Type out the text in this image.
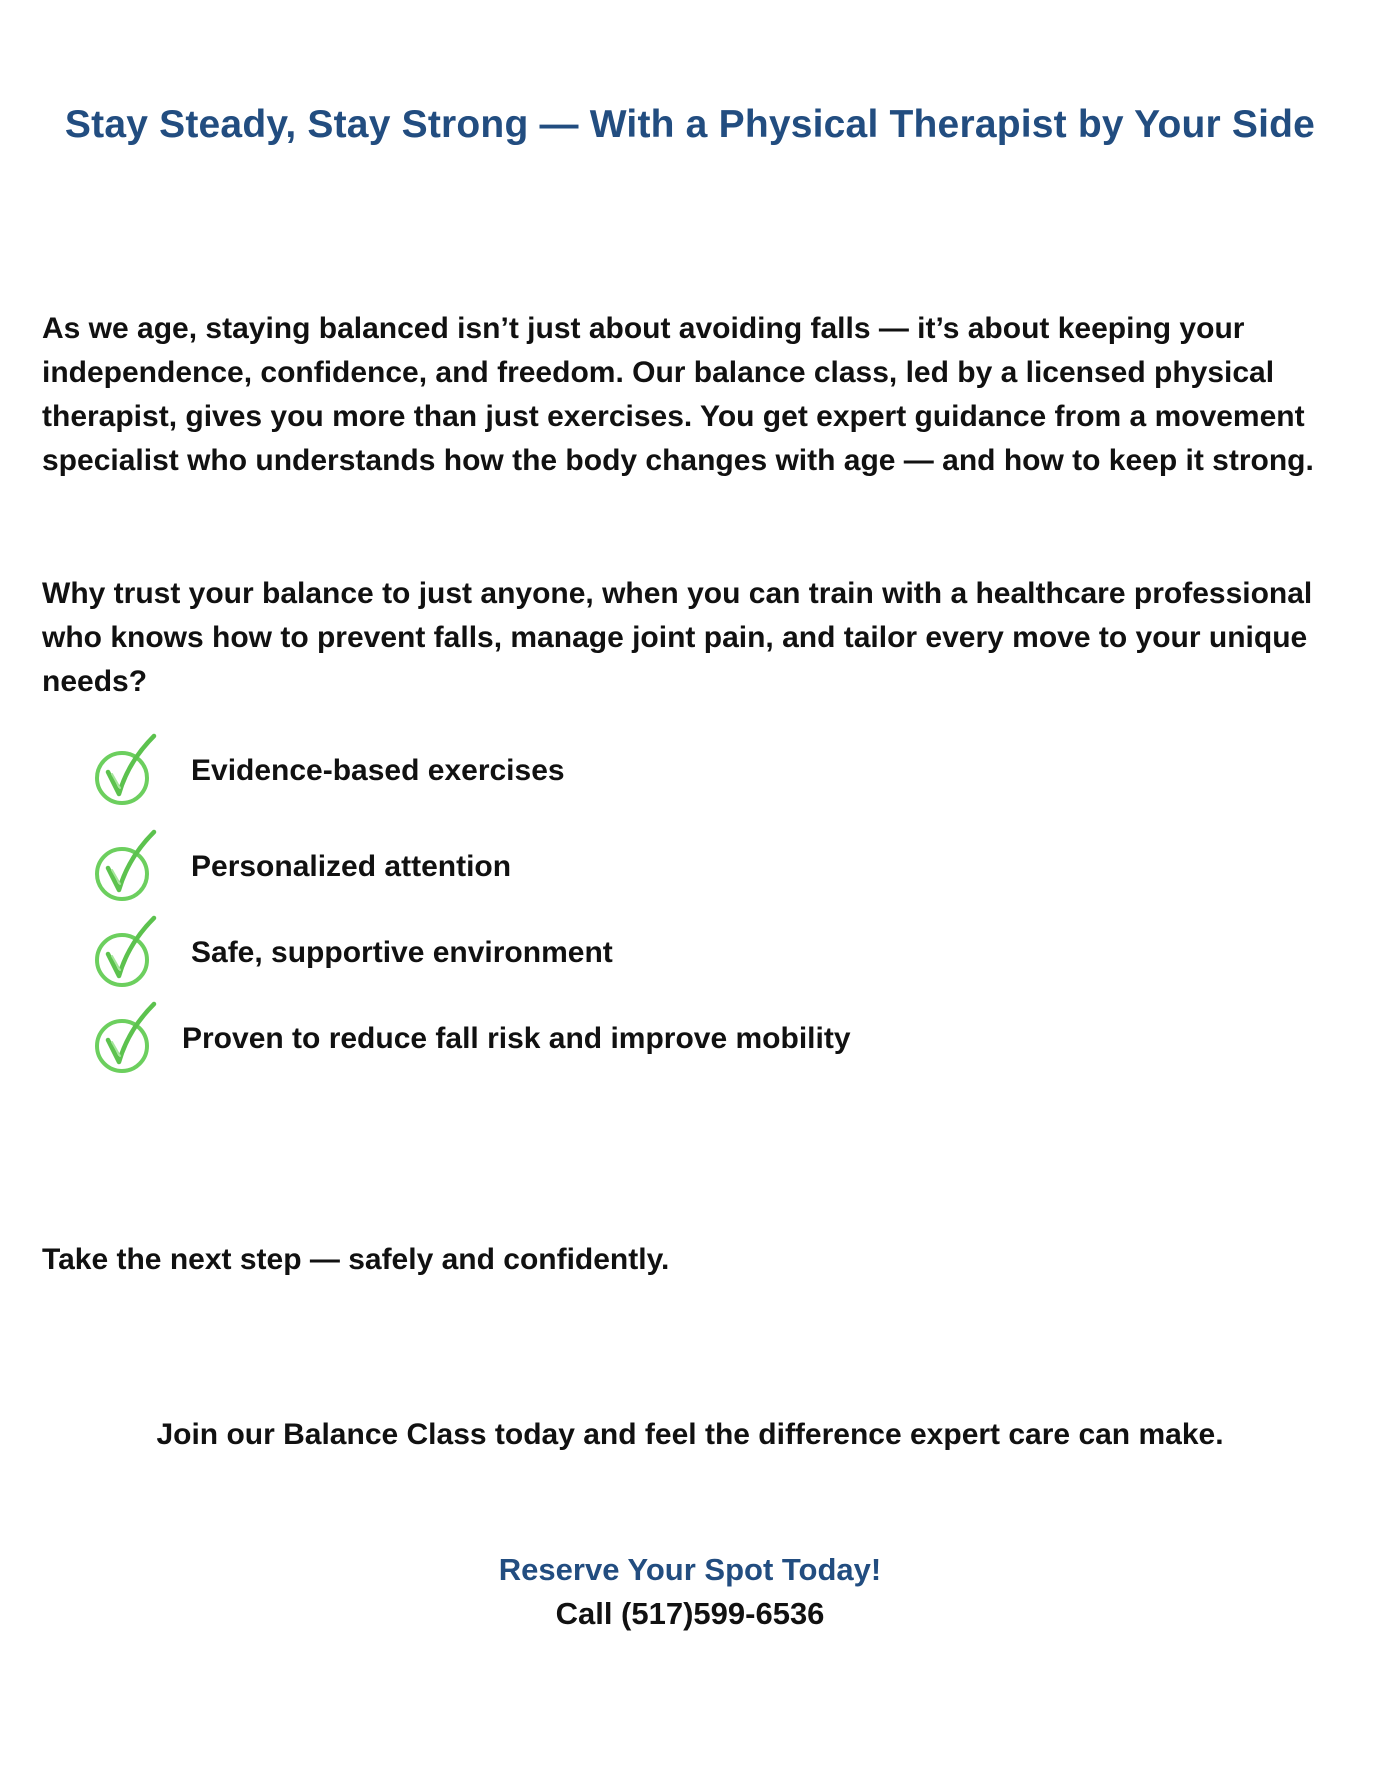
Stay Steady, Stay Strong — With a Physical Therapist by Your Side

As we age, staying balanced isn’t just about avoiding falls — it’s about keeping your independence, confidence, and freedom. Our balance class, led by a licensed physical therapist, gives you more than just exercises. You get expert guidance from a movement specialist who understands how the body changes with age — and how to keep it strong.

Why trust your balance to just anyone, when you can train with a healthcare professional who knows how to prevent falls, manage joint pain, and tailor every move to your unique needs?

Evidence-based exercises
Personalized attention
Safe, supportive environment
Proven to reduce fall risk and improve mobility

Take the next step — safely and confidently.

Join our Balance Class today and feel the difference expert care can make.

Reserve Your Spot Today!

Call (517)599-6536
